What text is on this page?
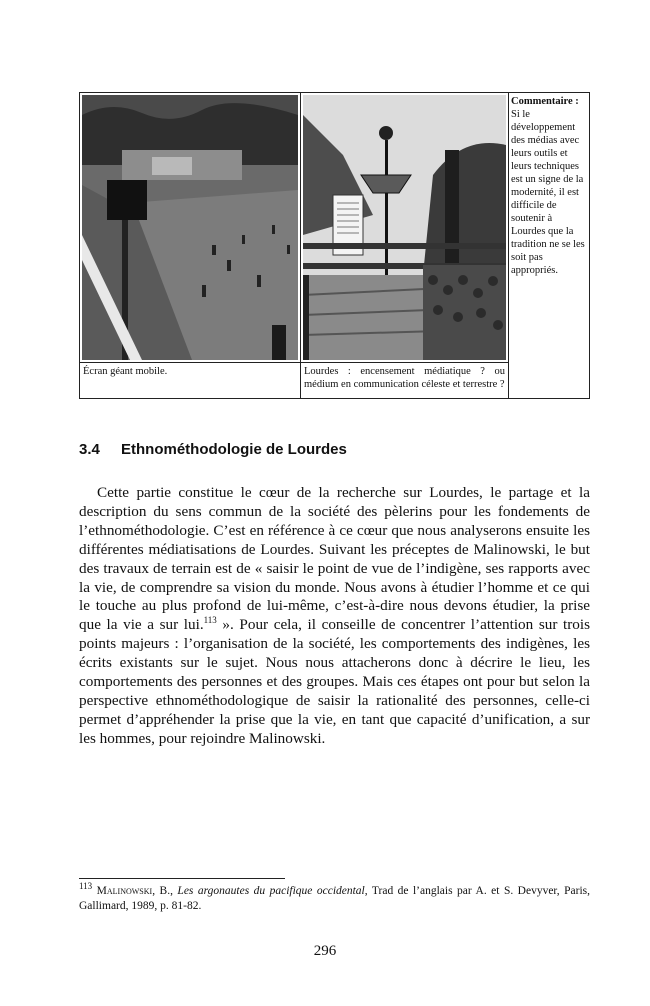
Écran géant mobile.	Lourdes : encensement médiatique ? ou médium en communication céleste et terrestre ?
Commentaire :
Si le développement des médias avec leurs outils et leurs techniques est un signe de la modernité, il est difficile de soutenir à Lourdes que la tradition ne se les soit pas appropriés.
3.4 Ethnométhodologie de Lourdes

Cette partie constitue le cœur de la recherche sur Lourdes, le partage et la description du sens commun de la société des pèlerins pour les fondements de l’ethnométhodologie. C’est en référence à ce cœur que nous analyserons ensuite les différentes médiatisations de Lourdes. Suivant les préceptes de Malinowski, le but des travaux de terrain est de « saisir le point de vue de l’indigène, ses rapports avec la vie, de comprendre sa vision du monde. Nous avons à étudier l’homme et ce qui le touche au plus profond de lui-même, c’est-à-dire nous devons étudier, la prise que la vie a sur lui.$^{113}$ ». Pour cela, il conseille de concentrer l’attention sur trois points majeurs : l’organisation de la société, les comportements des indigènes, les écrits existants sur le sujet. Nous nous attacherons donc à décrire le lieu, les comportements des personnes et des groupes. Mais ces étapes ont pour but selon la perspective ethnométhodologique de saisir la rationalité des personnes, celle-ci permet d’appréhender la prise que la vie, en tant que capacité d’unification, a sur les hommes, pour rejoindre Malinowski.

$^{113}$ Malinowski, B., Les argonautes du pacifique occidental, Trad de l’anglais par A. et S. Devyver, Paris, Gallimard, 1989, p. 81-82.
296
